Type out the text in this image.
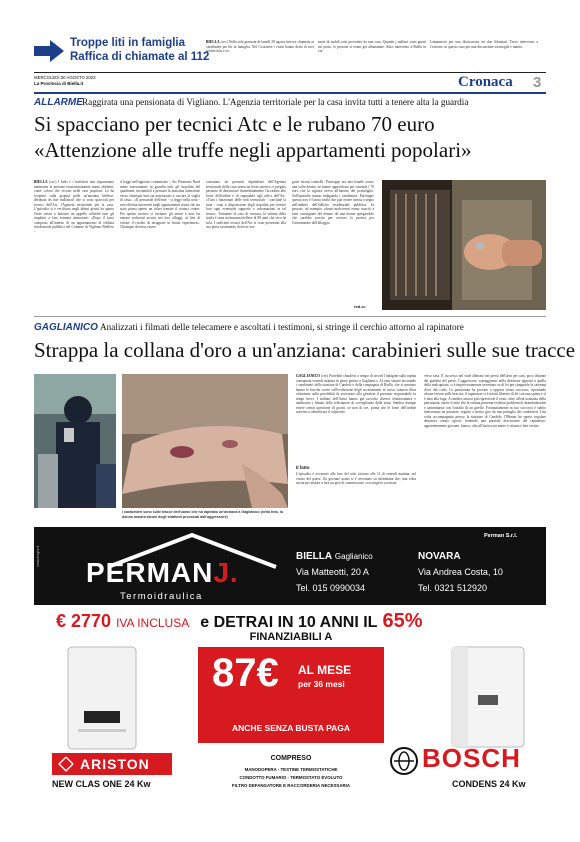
Troppe liti in famiglia
Raffica di chiamate al 112
BIELLA (cec) Nella sola giornata di lunedì 28 agosto ben tre chiamate ai carabinieri per liti in famiglia. Nel Cossatese i vicini hanno detto di aver sentito urla e ru-
more di mobili rotti provenire da una casa. Quando i militari sono giunti sul posto, le persone si erano già allontanate. Altro intervento a Biella in via
Lamarmora per una discussione tra due fidanzati. Terzo intervento a Cerrione, in questo caso per una discussione tra moglie e marito.
MERCOLEDÌ 30 AGOSTO 2023
La Provincia di Biella.it	Cronaca 3
ALLARME Raggirata una pensionata di Vigliano. L'Agenzia territoriale per la casa invita tutti a tenere alta la guardia
Si spacciano per tecnici Atc e le rubano 70 euro
«Attenzione alle truffe negli appartamenti popolari»
BIELLA (cec) I ladri e i truffatori non risparmiano nemmeno le persone economicamente meno abbienti, come coloro che vivono nelle case popolari. Lo ha scoperto sulla propria pelle un'anziana biellese, derubata da due malfattori che si sono spacciati per tecnici dell'Atc, l'Agenzia territoriale per la casa. L'episodio si è verificato negli ultimi giorni ha spinto l'ente stesso a lanciare un appello affinché tutti gli inquilini a fare estrema attenzione: «Dopo il furto compiuto all'interno di un appartamento di edilizia residenziale pubblica nel Comune di Vigliano Biellese -
si legge nell'apposito comunicato -, Atc Piemonte Nord mette nuovamente in guardia tutti gli inquilini del quadrante, invitandoli a prestare la massima attenzione verso chiunque non sia autorizzato a varcare la soglia di casa». «Il personale dell'ente - si legge nella nota - non effettua interventi negli appartamenti senza che sia stato prima aperto un ticket tramite il contact center. Per questo motivo si invitano gli utenti a non far entrare sedicenti tecnici nei loro alloggi, al fine di evitare il rischio di incappare in brutte esperienze». Chiunque dovesse essere
contattato da presunti dipendenti dell'Agenzia territoriale della casa senza un lecito motivo, è pregato pertanto di denunciare immediatamente l'accaduto alle forze dell'ordine e di segnalarlo agli uffici dell'Atc. «Tutti i funzionari delle sedi territoriali - conclude la nota - sono a disposizione degli inquilini per fornire loro ogni eventuale supporto e informazioni in tal senso». Tornando al caso di cronaca, la vittima della truffa è stata un'anziana biellese di 88 anni che vive da sola. I sedicenti tecnici dell'Atc si sono presentati alla sua porta sostenendo di dover ese-
guire alcuni controlli. Purtroppo era una banale scusa: una volta dentro, ne hanno approfittato per sottrarle i 70 euro che la signora aveva all'interno del portafoglio. Sull'episodio stanno indagando i carabinieri. Purtroppo questo non è l'unica truffa che può essere messa a segno nell'ambito dell'edilizia residenziale pubblica. In passato, ad esempio, alcuni malviventi erano riusciti a farsi consegnare del denaro da una donna spiegandole che sarebbe servito per avviare la pratica per l'ottenimento dell'alloggio.
red.cr.
GAGLIANICO Analizzati i filmati delle telecamere e ascoltati i testimoni, si stringe il cerchio attorno al rapinatore
Strappa la collana d'oro a un'anziana: carabinieri sulle sue tracce
I carabinieri sono sulle tracce dell'uomo che ha rapinato un'anziana a Gaglianico (nella foto, la donna mostra alcuni degli strattoni provocati dall'aggressore)
GAGLIANICO (cec) Potrebbe chiudersi a tempo di record l'indagine sulla rapina consumata venerdì mattina in pieno giorno a Gaglianico. Al caso stanno lavorando i carabinieri della stazione di Candelo e della compagnia di Biella, che si mettono hanno le bocche cucite sull'evoluzione degli accertamenti in corso; tuttavia filtra ottimismo sulla possibilità di assicurare alla giustizia il presunto responsabile in tempi brevi. I militari dell'Arma hanno già raccolto diverse testimonianze e analizzato i filmati delle telecamere di sorveglianza della zona. Sembra dunque essere ormai questione di giorni, se non di ore, prima che le forze dell'ordine arrivino a identificare il colpevole.
Il fatto
L'episodio è avvenuto alla luce del sole, intorno alle 11 di venerdì mattina, nel centro del paese. Un giovane uomo si è avventato su un'anziana che, una volta uscita per andare a fare un giro di commissioni, si accingeva a tornare
verso casa. E' successo nel viale alberato nei pressi dell'area per cani, poco distante dai giardini del paese. L'aggressore, sopraggiunto nella direzione opposta a quella della malcapitata, si è improvvisamente avventato su di lei per strapparle la catenina d'oro dal collo. La pensionata ha provato a opporsi senza successo, riportando alcune lesioni sulle braccia; il rapinatore si è infatti liberato di lei con una spinta e si è dato alla fuga. A rendere ancora più ripreverole il reato, oltre all'età avanzata della pensionata, anche il fatto che la vittima presenta evidenti problemi di deambulazione e camminasse con l'ausilio di un girello. Fortunatamente in suo soccorso è subito intervenuto un passante, seguito a stretto giro da una pattuglia dei carabinieri. Una volta accompagnata presso la stazione di Candelo, l'88enne ha sporto regolare denuncia contro ignoti, fornendo una parziale descrizione del rapinatore: apparentemente giovane, bianco, alto all'incirca un metro e ottanta e ben vestito.
cesa/moglie.it
PERMANJ.
Termoidraulica
Perman S.r.l.
BIELLA Gaglianico
Via Matteotti, 20 A
Tel. 015 0990034
NOVARA
Via Andrea Costa, 10
Tel. 0321 512920
€ 2770 IVA INCLUSA e DETRAI IN 10 ANNI IL 65%
ARISTON
NEW CLAS ONE 24 Kw
FINANZIABILI A
87€ AL MESE
per 36 mesi
ANCHE SENZA BUSTA PAGA
COMPRESO
MANODOPERA - TESTINE TERMOSTATICHE
CONDOTTO FUMARIO - TERMOSTATO EVOLUTO
FILTRO DEFANGATORE E RACCORDERIA NECESSARIA
BOSCH
CONDENS 24 Kw
